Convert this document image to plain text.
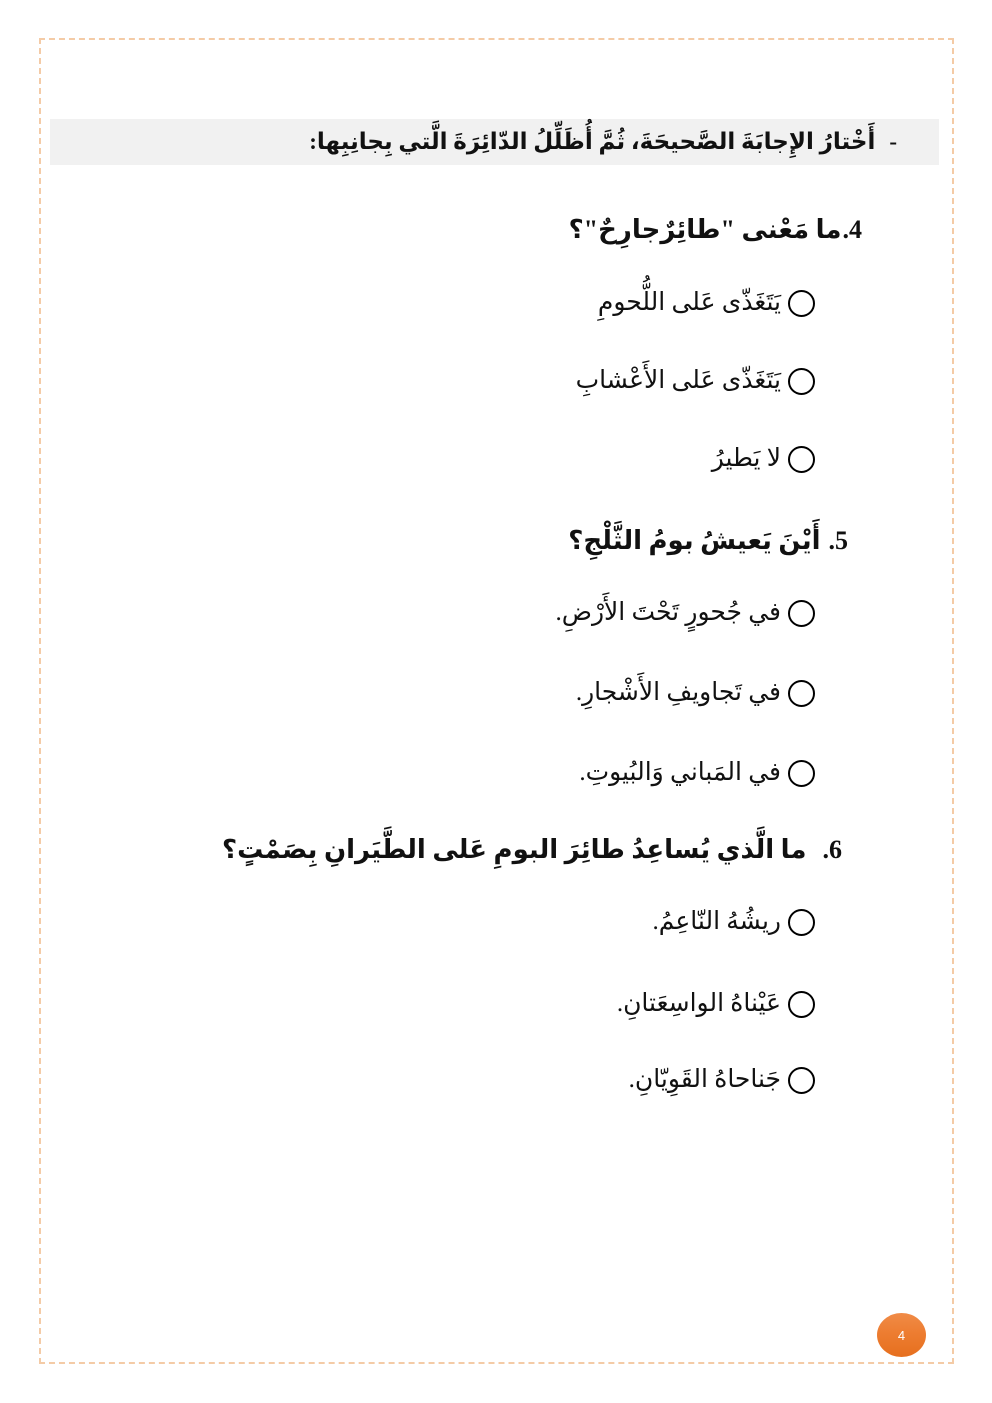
-
أَخْتارُ الإِجابَةَ الصَّحيحَةَ، ثُمَّ أُظَلِّلُ الدّائِرَةَ الَّتي بِجانِبِها:
4.
ما مَعْنى "طائِرٌجارِحٌ"؟
يَتَغَذّى عَلى اللُّحومِ
يَتَغَذّى عَلى الأَعْشابِ
لا يَطيرُ
5.
أَيْنَ يَعيشُ بومُ الثَّلْجِ؟
في جُحورٍ تَحْتَ الأَرْضِ.
في تَجاويفِ الأَشْجارِ.
في المَباني وَالبُيوتِ.
6.
ما الَّذي يُساعِدُ طائِرَ البومِ عَلى الطَّيَرانِ بِصَمْتٍ؟
ريشُهُ النّاعِمُ.
عَيْناهُ الواسِعَتانِ.
جَناحاهُ القَوِيّانِ.
4
